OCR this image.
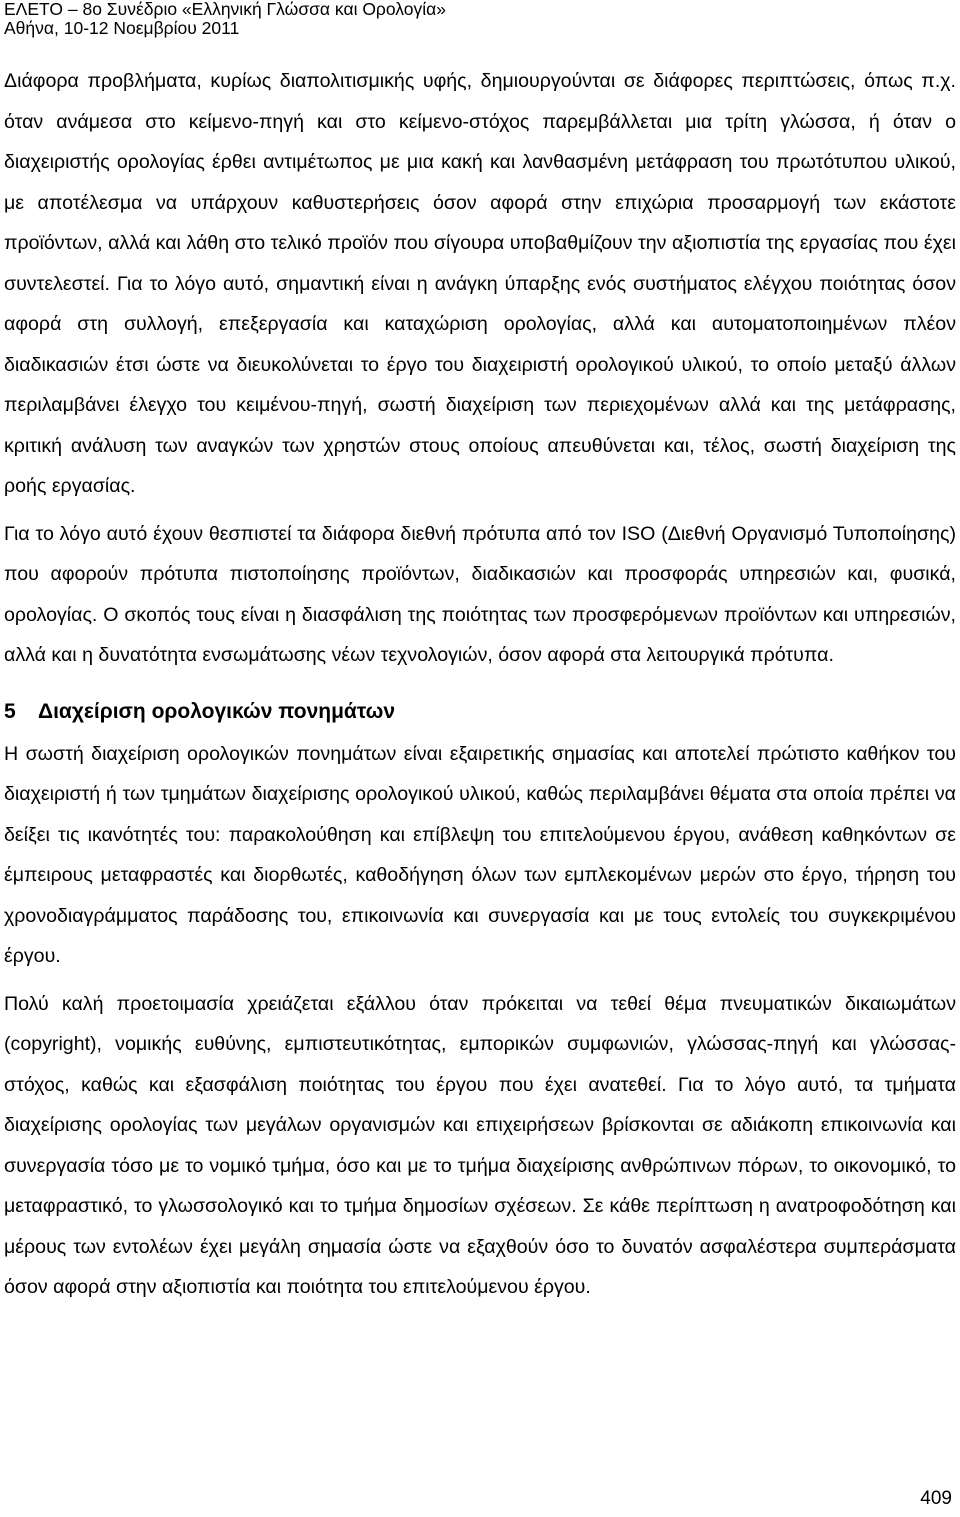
ΕΛΕΤΟ – 8ο Συνέδριο «Ελληνική Γλώσσα και Ορολογία»
Αθήνα, 10-12 Νοεμβρίου 2011

Διάφορα προβλήματα, κυρίως διαπολιτισμικής υφής, δημιουργούνται σε διάφορες περιπτώσεις, όπως π.χ. όταν ανάμεσα στο κείμενο-πηγή και στο κείμενο-στόχος παρεμβάλλεται μια τρίτη γλώσσα, ή όταν ο διαχειριστής ορολογίας έρθει αντιμέτωπος με μια κακή και λανθασμένη μετάφραση του πρωτότυπου υλικού, με αποτέλεσμα να υπάρχουν καθυστερήσεις όσον αφορά στην επιχώρια προσαρμογή των εκάστοτε προϊόντων, αλλά και λάθη στο τελικό προϊόν που σίγουρα υποβαθμίζουν την αξιοπιστία της εργασίας που έχει συντελεστεί. Για το λόγο αυτό, σημαντική είναι η ανάγκη ύπαρξης ενός συστήματος ελέγχου ποιότητας όσον αφορά στη συλλογή, επεξεργασία και καταχώριση ορολογίας, αλλά και αυτοματοποιημένων πλέον διαδικασιών έτσι ώστε να διευκολύνεται το έργο του διαχειριστή ορολογικού υλικού, το οποίο μεταξύ άλλων περιλαμβάνει έλεγχο του κειμένου-πηγή, σωστή διαχείριση των περιεχομένων αλλά και της μετάφρασης, κριτική ανάλυση των αναγκών των χρηστών στους οποίους απευθύνεται και, τέλος, σωστή διαχείριση της ροής εργασίας.

Για το λόγο αυτό έχουν θεσπιστεί τα διάφορα διεθνή πρότυπα από τον ISO (Διεθνή Οργανισμό Τυποποίησης) που αφορούν πρότυπα πιστοποίησης προϊόντων, διαδικασιών και προσφοράς υπηρεσιών και, φυσικά, ορολογίας. Ο σκοπός τους είναι η διασφάλιση της ποιότητας των προσφερόμενων προϊόντων και υπηρεσιών, αλλά και η δυνατότητα ενσωμάτωσης νέων τεχνολογιών, όσον αφορά στα λειτουργικά πρότυπα.

5 Διαχείριση ορολογικών πονημάτων

Η σωστή διαχείριση ορολογικών πονημάτων είναι εξαιρετικής σημασίας και αποτελεί πρώτιστο καθήκον του διαχειριστή ή των τμημάτων διαχείρισης ορολογικού υλικού, καθώς περιλαμβάνει θέματα στα οποία πρέπει να δείξει τις ικανότητές του: παρακολούθηση και επίβλεψη του επιτελούμενου έργου, ανάθεση καθηκόντων σε έμπειρους μεταφραστές και διορθωτές, καθοδήγηση όλων των εμπλεκομένων μερών στο έργο, τήρηση του χρονοδιαγράμματος παράδοσης του, επικοινωνία και συνεργασία και με τους εντολείς του συγκεκριμένου έργου.

Πολύ καλή προετοιμασία χρειάζεται εξάλλου όταν πρόκειται να τεθεί θέμα πνευματικών δικαιωμάτων (copyright), νομικής ευθύνης, εμπιστευτικότητας, εμπορικών συμφωνιών, γλώσσας-πηγή και γλώσσας-στόχος, καθώς και εξασφάλιση ποιότητας του έργου που έχει ανατεθεί. Για το λόγο αυτό, τα τμήματα διαχείρισης ορολογίας των μεγάλων οργανισμών και επιχειρήσεων βρίσκονται σε αδιάκοπη επικοινωνία και συνεργασία τόσο με το νομικό τμήμα, όσο και με το τμήμα διαχείρισης ανθρώπινων πόρων, το οικονομικό, το μεταφραστικό, το γλωσσολογικό και το τμήμα δημοσίων σχέσεων. Σε κάθε περίπτωση η ανατροφοδότηση και μέρους των εντολέων έχει μεγάλη σημασία ώστε να εξαχθούν όσο το δυνατόν ασφαλέστερα συμπεράσματα όσον αφορά στην αξιοπιστία και ποιότητα του επιτελούμενου έργου.

409
